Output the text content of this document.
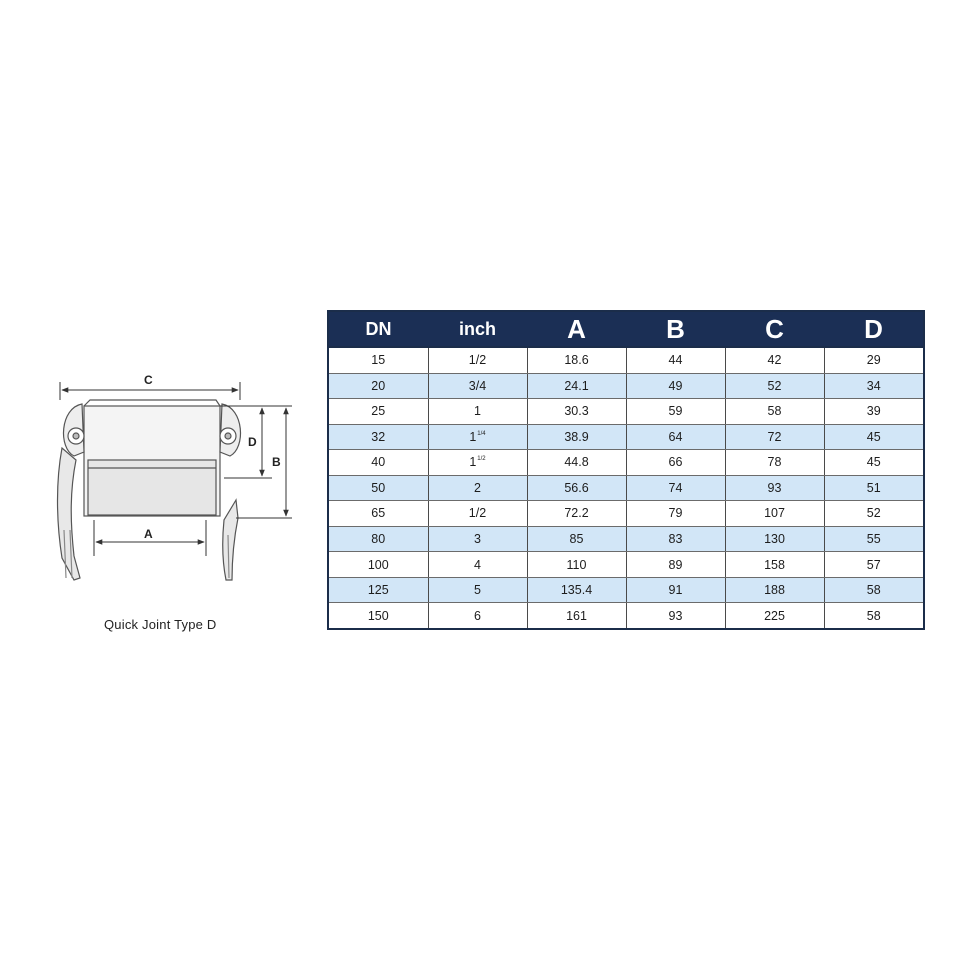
C
A
D
B
Quick Joint Type D
DN	inch	A	B	C	D
15	1/2	18.6	44	42	29
20	3/4	24.1	49	52	34
25	1	30.3	59	58	39
32	$1^{1/4}$	38.9	64	72	45
40	$1^{1/2}$	44.8	66	78	45
50	2	56.6	74	93	51
65	1/2	72.2	79	107	52
80	3	85	83	130	55
100	4	110	89	158	57
125	5	135.4	91	188	58
150	6	161	93	225	58
